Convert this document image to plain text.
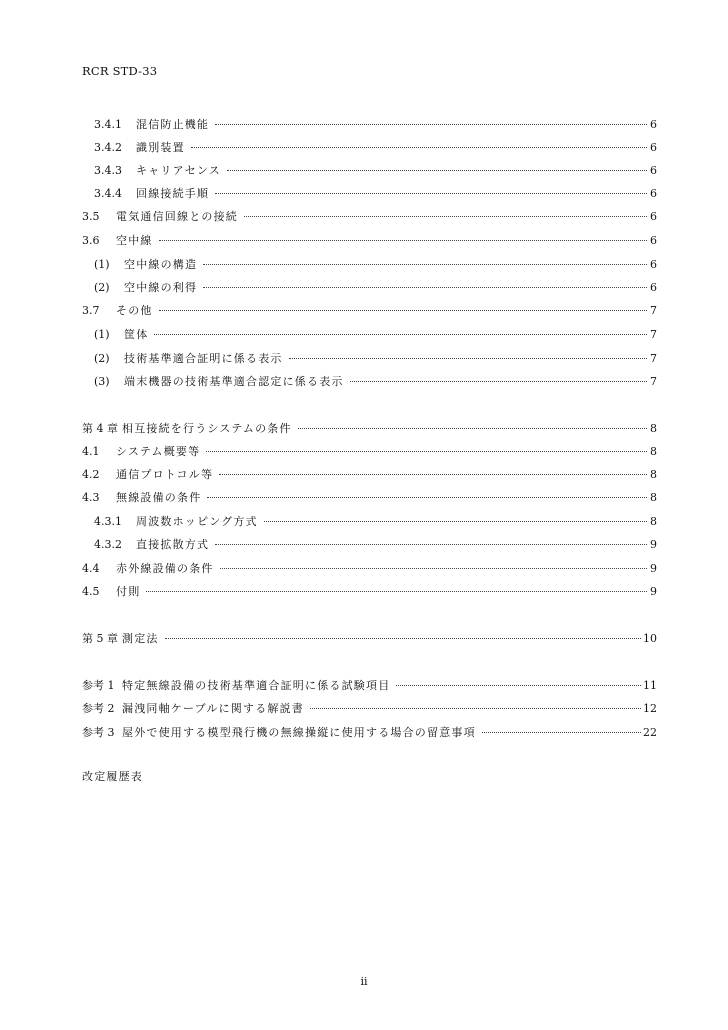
RCR STD-33
3.4.1	混信防止機能	6
3.4.2	識別装置	6
3.4.3	キャリアセンス	6
3.4.4	回線接続手順	6
3.5	電気通信回線との接続	6
3.6	空中線	6
(1)	空中線の構造	6
(2)	空中線の利得	6
3.7	その他	7
(1)	筐体	7
(2)	技術基準適合証明に係る表示	7
(3)	端末機器の技術基準適合認定に係る表示	7
第 4 章 相互接続を行うシステムの条件	8
4.1	システム概要等	8
4.2	通信プロトコル等	8
4.3	無線設備の条件	8
4.3.1	周波数ホッピング方式	8
4.3.2	直接拡散方式	9
4.4	赤外線設備の条件	9
4.5	付則	9
第 5 章 測定法	10
参考 1 特定無線設備の技術基準適合証明に係る試験項目	11
参考 2 漏洩同軸ケーブルに関する解説書	12
参考 3 屋外で使用する模型飛行機の無線操縦に使用する場合の留意事項	22
改定履歴表
ii
